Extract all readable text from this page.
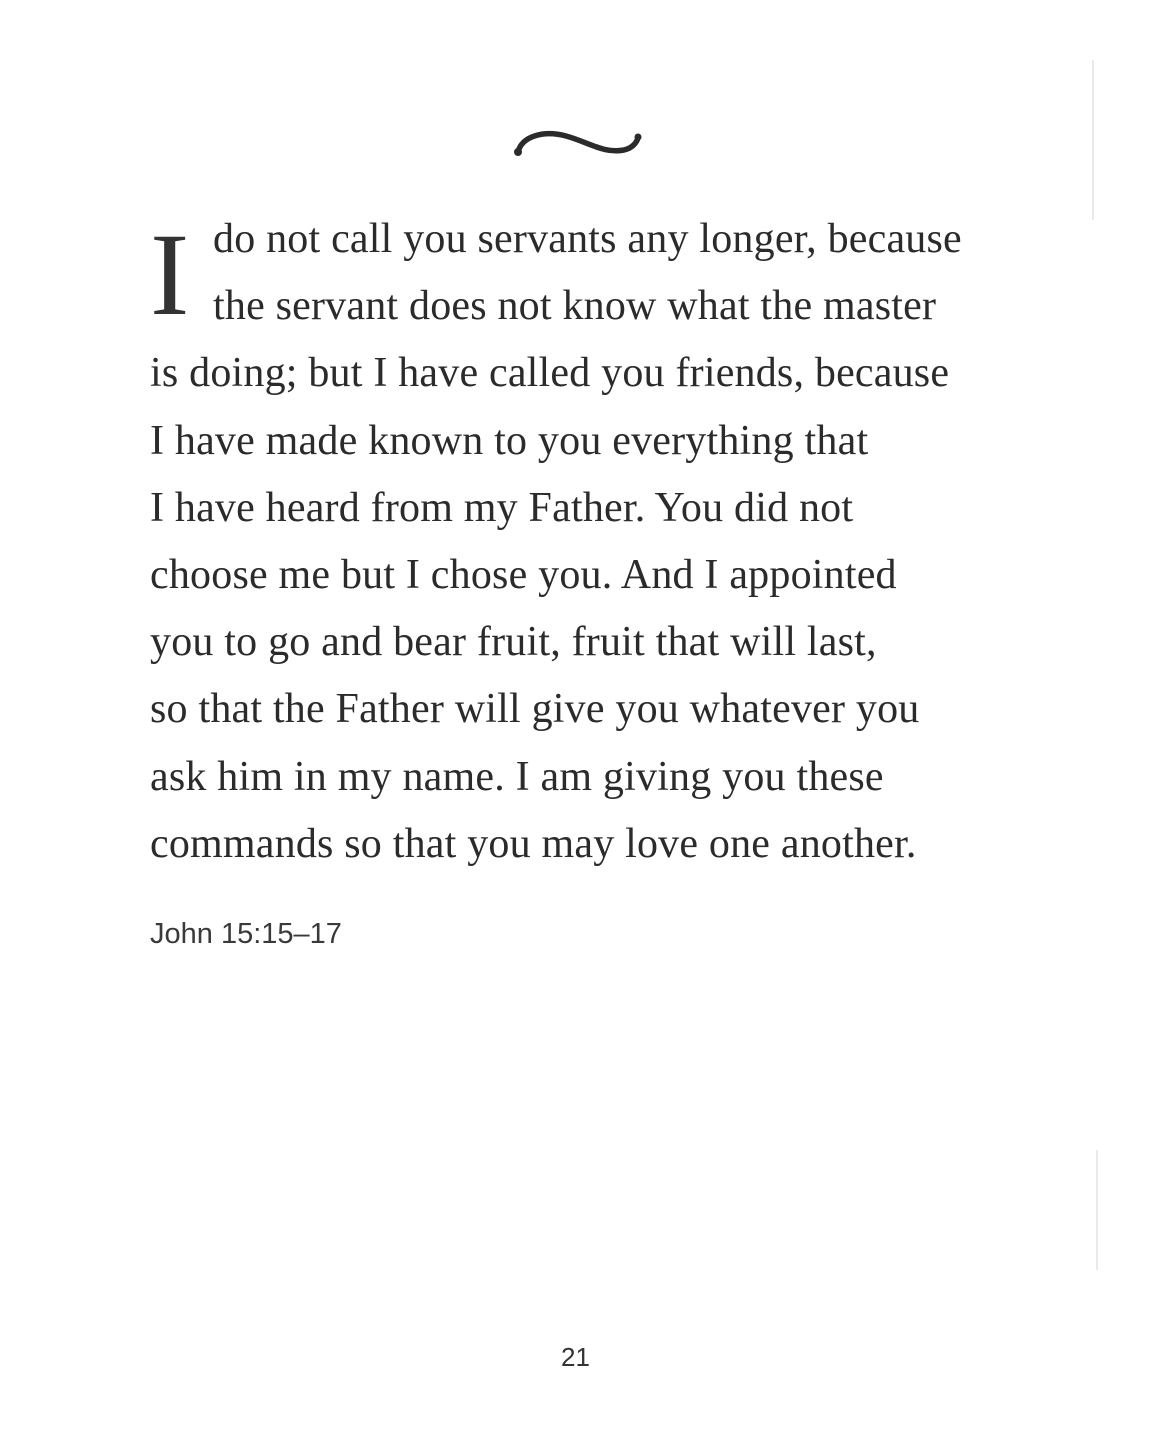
I do not call you servants any longer, because
the servant does not know what the master
is doing; but I have called you friends, because
I have made known to you everything that
I have heard from my Father. You did not
choose me but I chose you. And I appointed
you to go and bear fruit, fruit that will last,
so that the Father will give you whatever you
ask him in my name. I am giving you these
commands so that you may love one another.
John 15:15–17
21
